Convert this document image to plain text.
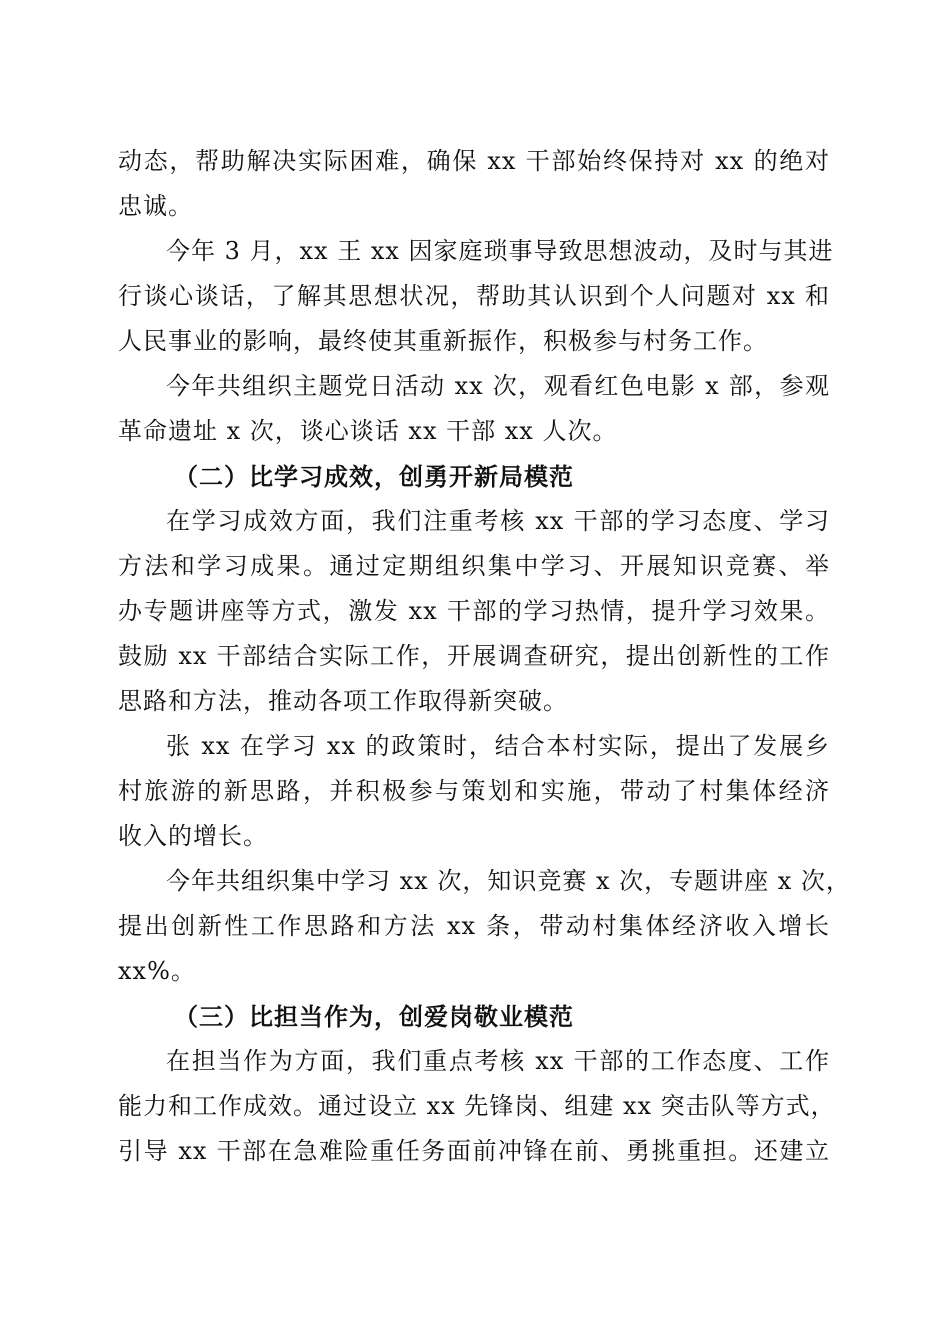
动态，帮助解决实际困难，确保 xx 干部始终保持对 xx 的绝对
忠诚。
今年 3 月，xx 王 xx 因家庭琐事导致思想波动，及时与其进
行谈心谈话，了解其思想状况，帮助其认识到个人问题对 xx 和
人民事业的影响，最终使其重新振作，积极参与村务工作。
今年共组织主题党日活动 xx 次，观看红色电影 x 部，参观
革命遗址 x 次，谈心谈话 xx 干部 xx 人次。
（二）比学习成效，创勇开新局模范
在学习成效方面，我们注重考核 xx 干部的学习态度、学习
方法和学习成果。通过定期组织集中学习、开展知识竞赛、举
办专题讲座等方式，激发 xx 干部的学习热情，提升学习效果。
鼓励 xx 干部结合实际工作，开展调查研究，提出创新性的工作
思路和方法，推动各项工作取得新突破。
张 xx 在学习 xx 的政策时，结合本村实际，提出了发展乡
村旅游的新思路，并积极参与策划和实施，带动了村集体经济
收入的增长。
今年共组织集中学习 xx 次，知识竞赛 x 次，专题讲座 x 次，
提出创新性工作思路和方法 xx 条，带动村集体经济收入增长
xx%。
（三）比担当作为，创爱岗敬业模范
在担当作为方面，我们重点考核 xx 干部的工作态度、工作
能力和工作成效。通过设立 xx 先锋岗、组建 xx 突击队等方式，
引导 xx 干部在急难险重任务面前冲锋在前、勇挑重担。还建立
